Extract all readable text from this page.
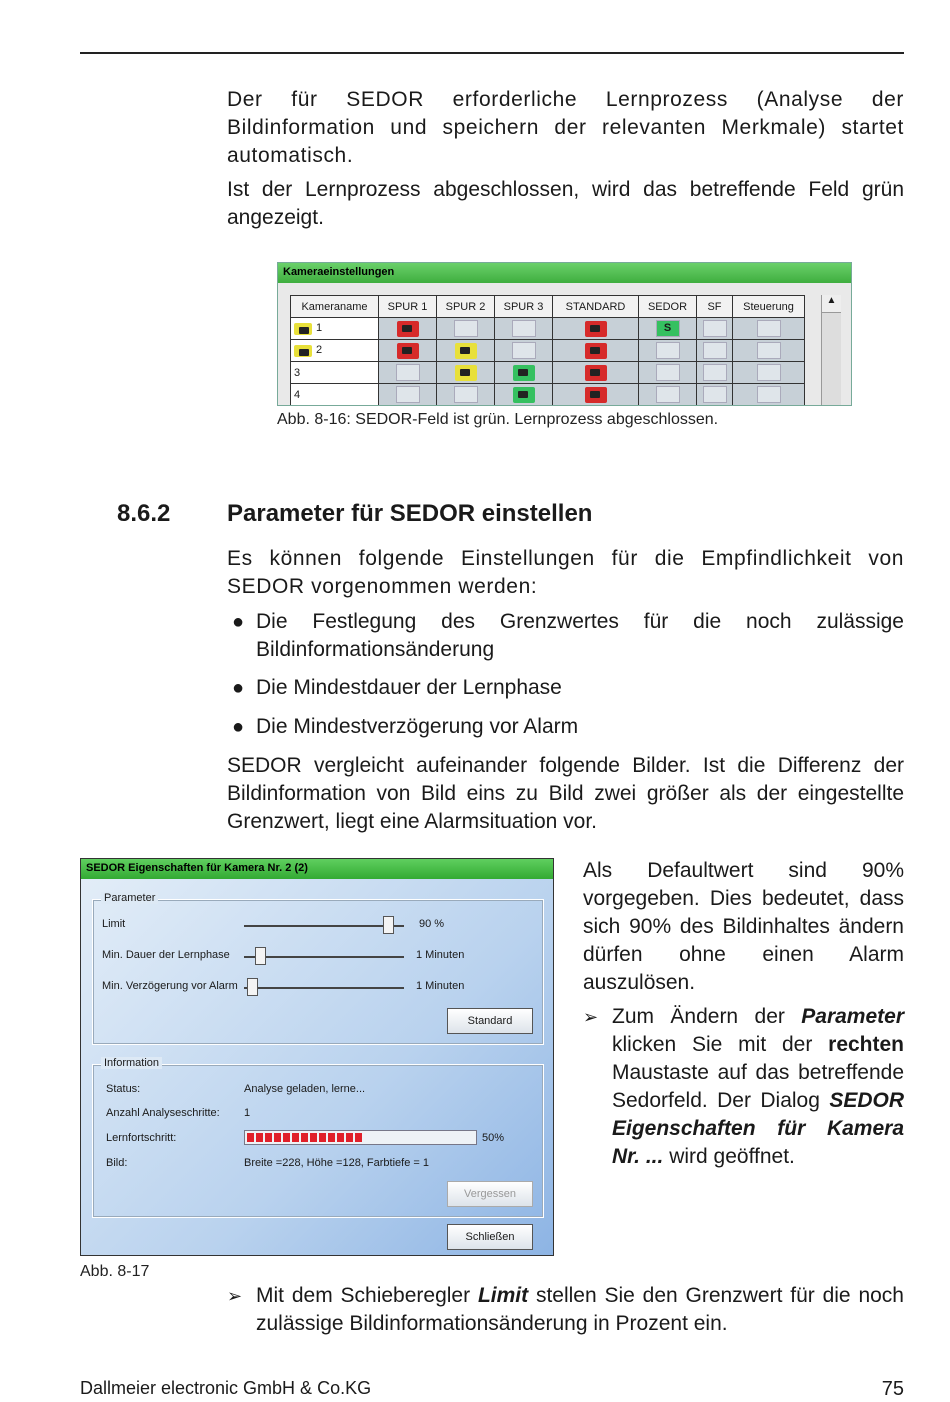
Der für SEDOR erforderliche Lernprozess (Analyse der Bildinformation und speichern der relevanten Merkmale) startet automatisch.

Ist der Lernprozess abgeschlossen, wird das betreffende Feld grün angezeigt.

Kameraeinstellungen
Kameraname	SPUR 1	SPUR 2	SPUR 3	STANDARD	SEDOR	SF	Steuerung
1					S		
2							
3							
4							
▲
Abb. 8-16: SEDOR-Feld ist grün. Lernprozess abgeschlossen.
8.6.2 Parameter für SEDOR einstellen

Es können folgende Einstellungen für die Empfindlichkeit von SEDOR vorgenommen werden:

● Die Festlegung des Grenzwertes für die noch zulässige Bildinformationsänderung
● Die Mindestdauer der Lernphase
● Die Mindestverzögerung vor Alarm

SEDOR vergleicht aufeinander folgende Bilder. Ist die Differenz der Bildinformation von Bild eins zu Bild zwei größer als der eingestellte Grenzwert, liegt eine Alarmsituation vor.

SEDOR Eigenschaften für Kamera Nr. 2 (2)
Parameter
Limit	90 %
Min. Dauer der Lernphase	1 Minuten
Min. Verzögerung vor Alarm	1 Minuten
Standard
Information
Status:	Analyse geladen, lerne...
Anzahl Analyseschritte: 1
Lernfortschritt:	50%
Bild:	Breite =228, Höhe =128, Farbtiefe = 1
Vergessen
Schließen
Abb. 8-17

Als Defaultwert sind 90% vorgegeben. Dies bedeutet, dass sich 90% des Bildinhaltes ändern dürfen ohne einen Alarm auszulösen.

➢ Zum Ändern der Parameter klicken Sie mit der rechten Maustaste auf das betreffende Sedorfeld. Der Dialog SEDOR Eigenschaften für Kamera Nr. ... wird geöffnet.
➢ Mit dem Schieberegler Limit stellen Sie den Grenzwert für die noch zulässige Bildinformationsänderung in Prozent ein.
Dallmeier electronic GmbH & Co.KG	75
